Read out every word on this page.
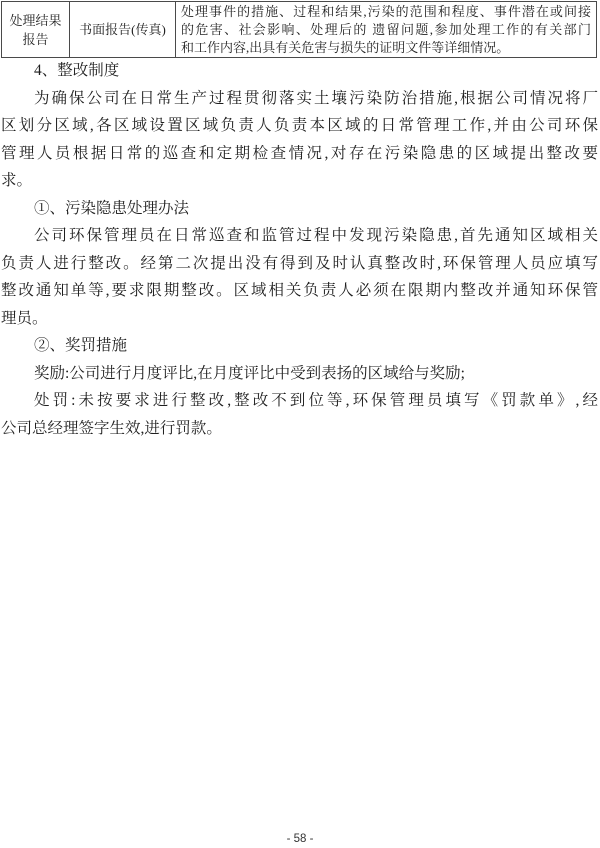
处理结果
报告
书面报告(传真)
处理事件的措施、过程和结果,污染的范围和程度、事件潜在或间接
的危害、社会影响、处理后的 遗留问题,参加处理工作的有关部门
和工作内容,出具有关危害与损失的证明文件等详细情况。
4、整改制度
为确保公司在日常生产过程贯彻落实土壤污染防治措施,根据公司情况将厂
区划分区域,各区域设置区域负责人负责本区域的日常管理工作,并由公司环保
管理人员根据日常的巡查和定期检查情况,对存在污染隐患的区域提出整改要
求。
①、污染隐患处理办法
公司环保管理员在日常巡查和监管过程中发现污染隐患,首先通知区域相关
负责人进行整改。经第二次提出没有得到及时认真整改时,环保管理人员应填写
整改通知单等,要求限期整改。区域相关负责人必须在限期内整改并通知环保管
理员。
②、奖罚措施
奖励:公司进行月度评比,在月度评比中受到表扬的区域给与奖励;
处罚:未按要求进行整改,整改不到位等,环保管理员填写《罚款单》,经
公司总经理签字生效,进行罚款。
- 58 -
